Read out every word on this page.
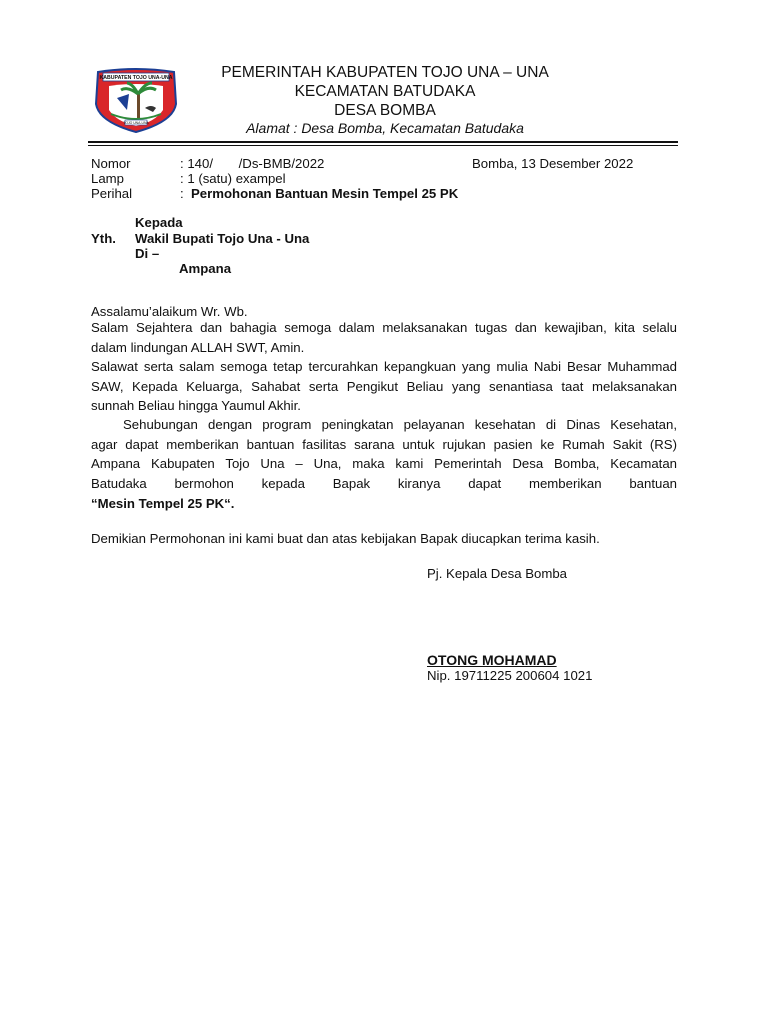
KABUPATEN TOJO UNA-UNA
TOJO UNA-UNA
PEMERINTAH KABUPATEN TOJO UNA – UNA
KECAMATAN BATUDAKA
DESA BOMBA
Alamat : Desa Bomba, Kecamatan Batudaka
Nomor	: 140/       /Ds-BMB/2022	Bomba, 13 Desember 2022
Lamp	: 1 (satu) exampel
Perihal	: Permohonan Bantuan Mesin Tempel 25 PK
Kepada
Yth. Wakil Bupati Tojo Una - Una
Di –
Ampana
Assalamu’alaikum Wr. Wb.
Salam Sejahtera dan bahagia semoga dalam melaksanakan tugas dan kewajiban, kita selalu
dalam lindungan ALLAH SWT, Amin.
Salawat serta salam semoga tetap tercurahkan kepangkuan yang mulia Nabi Besar Muhammad
SAW, Kepada Keluarga, Sahabat serta Pengikut Beliau yang senantiasa taat melaksanakan
sunnah Beliau hingga Yaumul Akhir.
Sehubungan dengan program peningkatan pelayanan kesehatan di Dinas Kesehatan,
agar dapat memberikan bantuan fasilitas sarana untuk rujukan pasien ke Rumah Sakit (RS)
Ampana Kabupaten Tojo Una – Una, maka kami Pemerintah Desa Bomba, Kecamatan
Batudaka bermohon kepada Bapak kiranya dapat memberikan bantuan
“Mesin Tempel 25 PK“.
Demikian Permohonan ini kami buat dan atas kebijakan Bapak diucapkan terima kasih.
Pj. Kepala Desa Bomba
OTONG MOHAMAD
Nip. 19711225 200604 1021
